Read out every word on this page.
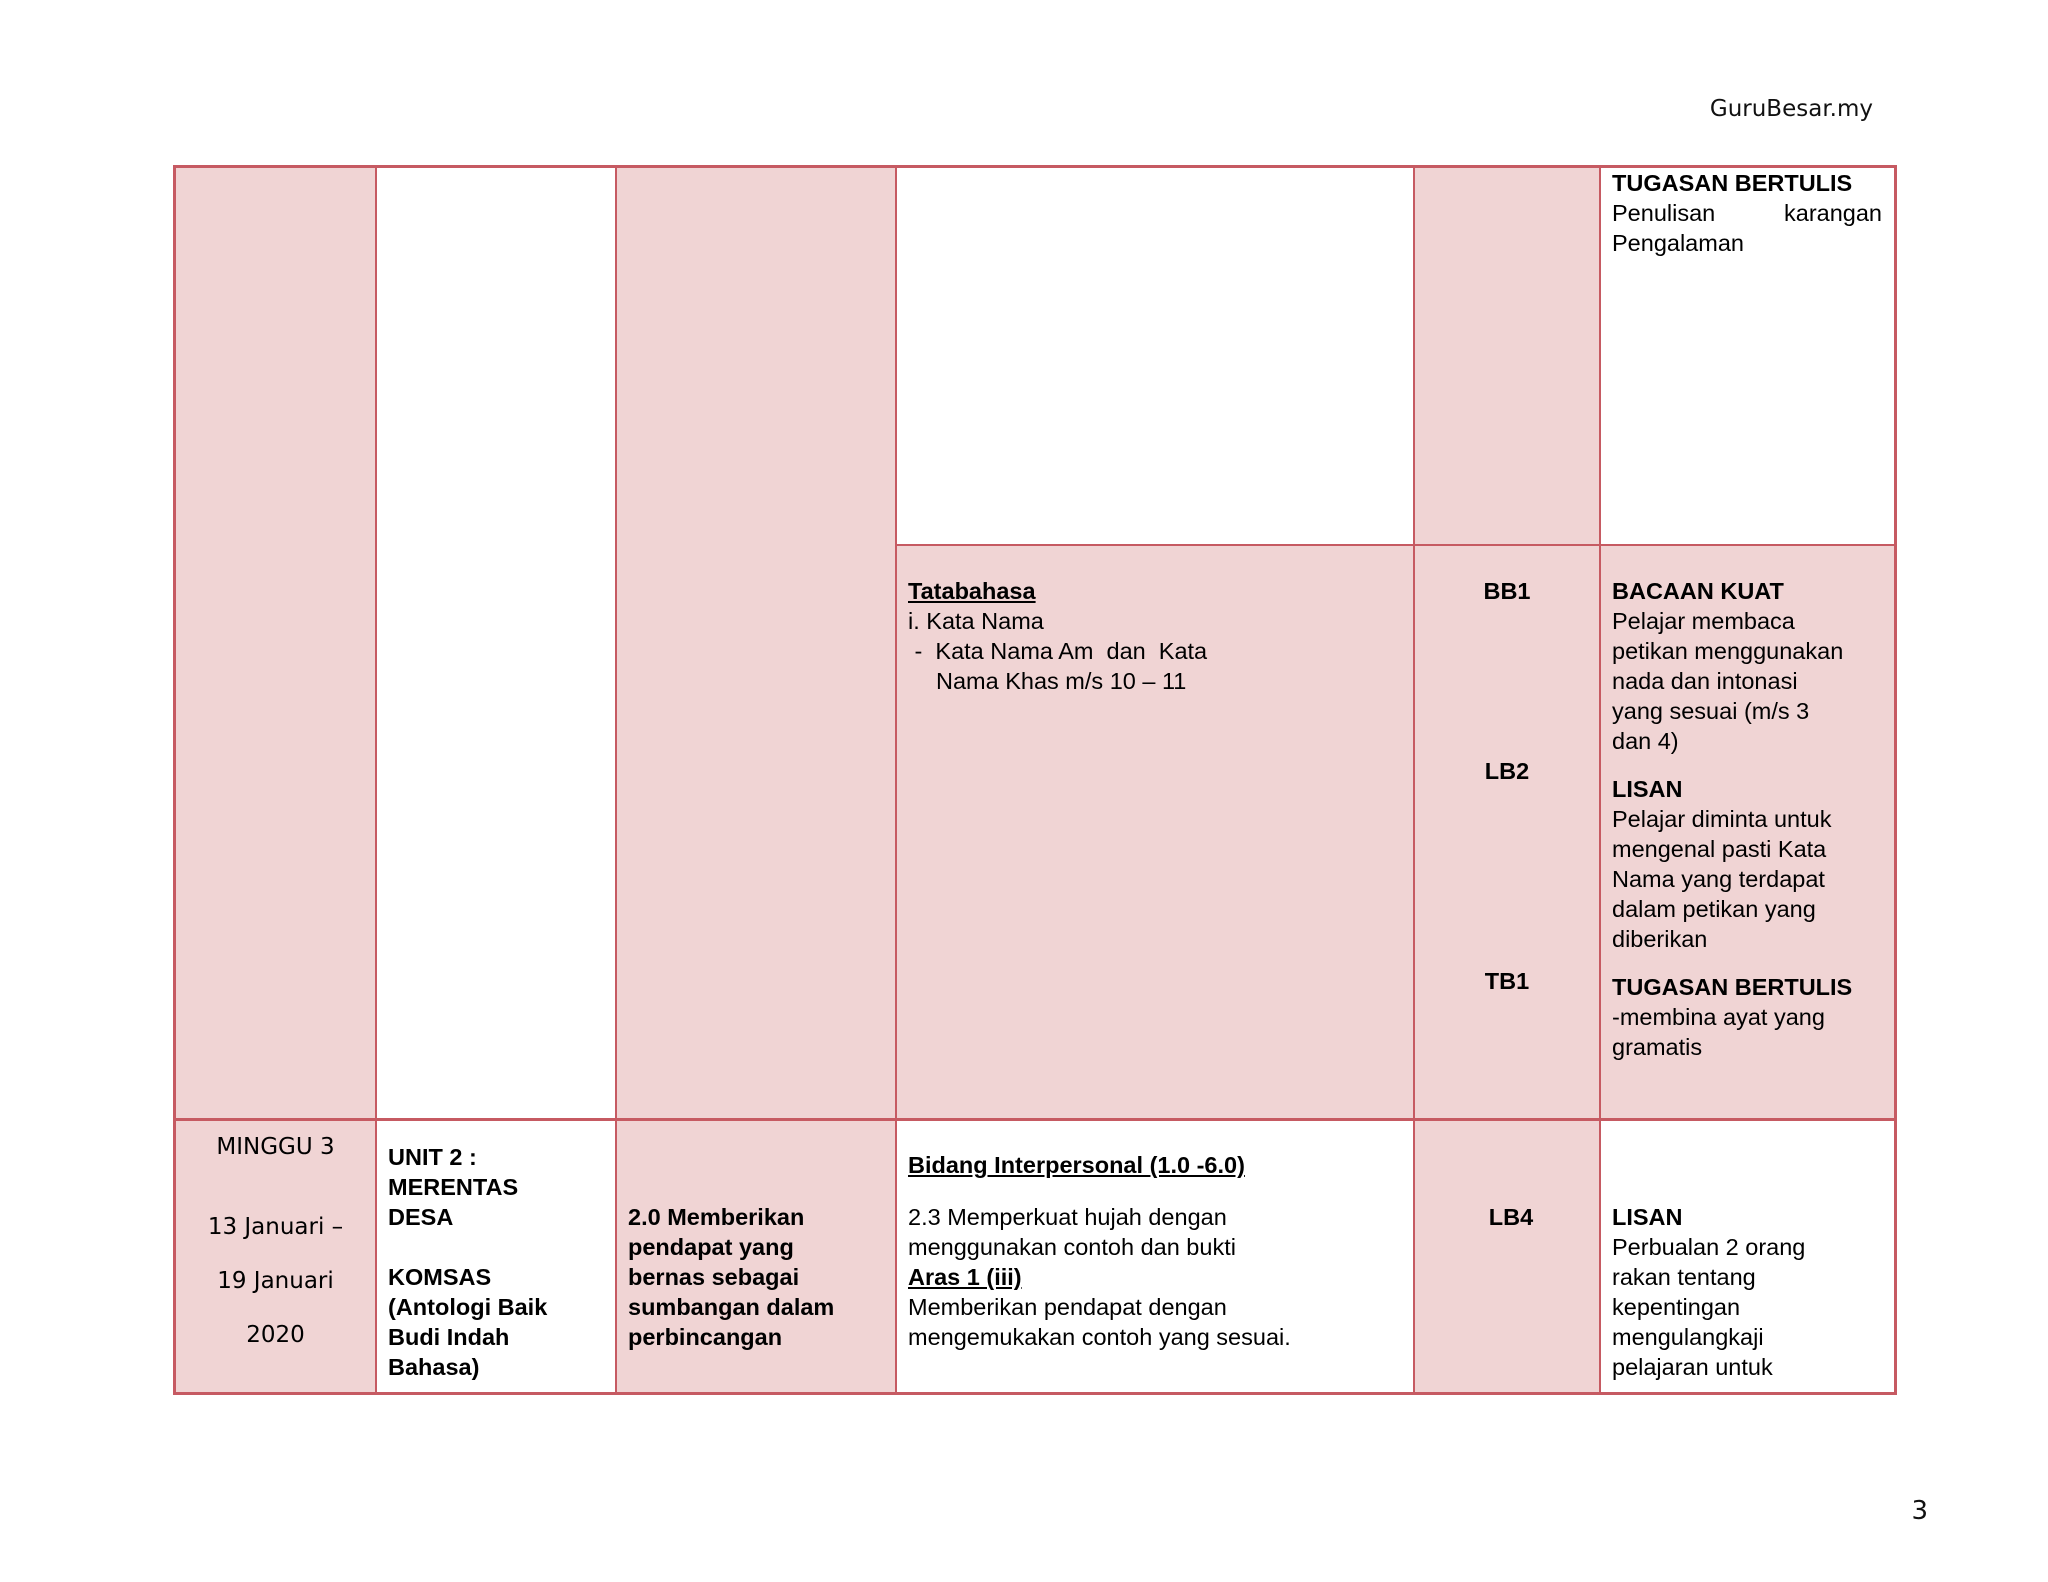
GuruBesar.my

TUGASAN BERTULIS

Penulisan	karangan

Pengalaman

Tatabahasa

i. Kata Nama

-  Kata Nama Am  dan  Kata

Nama Khas m/s 10 – 11

BB1
LB2
TB1

BACAAN KUAT

Pelajar membaca

petikan menggunakan

nada dan intonasi

yang sesuai (m/s 3

dan 4)

LISAN

Pelajar diminta untuk

mengenal pasti Kata

Nama yang terdapat

dalam petikan yang

diberikan

TUGASAN BERTULIS

-membina ayat yang

gramatis

MINGGU 3
13 Januari –
19 Januari
2020

UNIT 2 :

MERENTAS

DESA

KOMSAS

(Antologi Baik

Budi Indah

Bahasa)

2.0 Memberikan

pendapat yang

bernas sebagai

sumbangan dalam

perbincangan

Bidang Interpersonal (1.0 -6.0)

2.3 Memperkuat hujah dengan

menggunakan contoh dan bukti

Aras 1 (iii)

Memberikan pendapat dengan

mengemukakan contoh yang sesuai.

LB4	LISAN

Perbualan 2 orang

rakan tentang

kepentingan

mengulangkaji

pelajaran untuk

3
